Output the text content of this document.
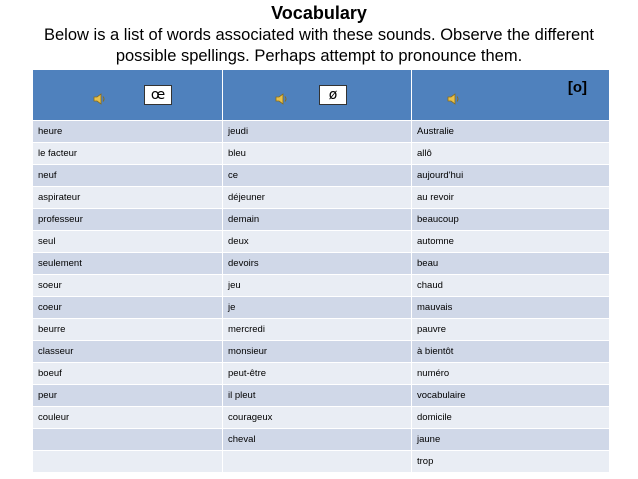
Vocabulary
Below is a list of words associated with these sounds. Observe the different possible spellings. Perhaps attempt to pronounce them.
œ	ø	[o]

heure	jeudi	Australie
le facteur	bleu	allô
neuf	ce	aujourd'hui
aspirateur	déjeuner	au revoir
professeur	demain	beaucoup
seul	deux	automne
seulement	devoirs	beau
soeur	jeu	chaud
coeur	je	mauvais
beurre	mercredi	pauvre
classeur	monsieur	à bientôt
boeuf	peut-être	numéro
peur	il pleut	vocabulaire
couleur	courageux	domicile
	cheval	jaune
		trop
